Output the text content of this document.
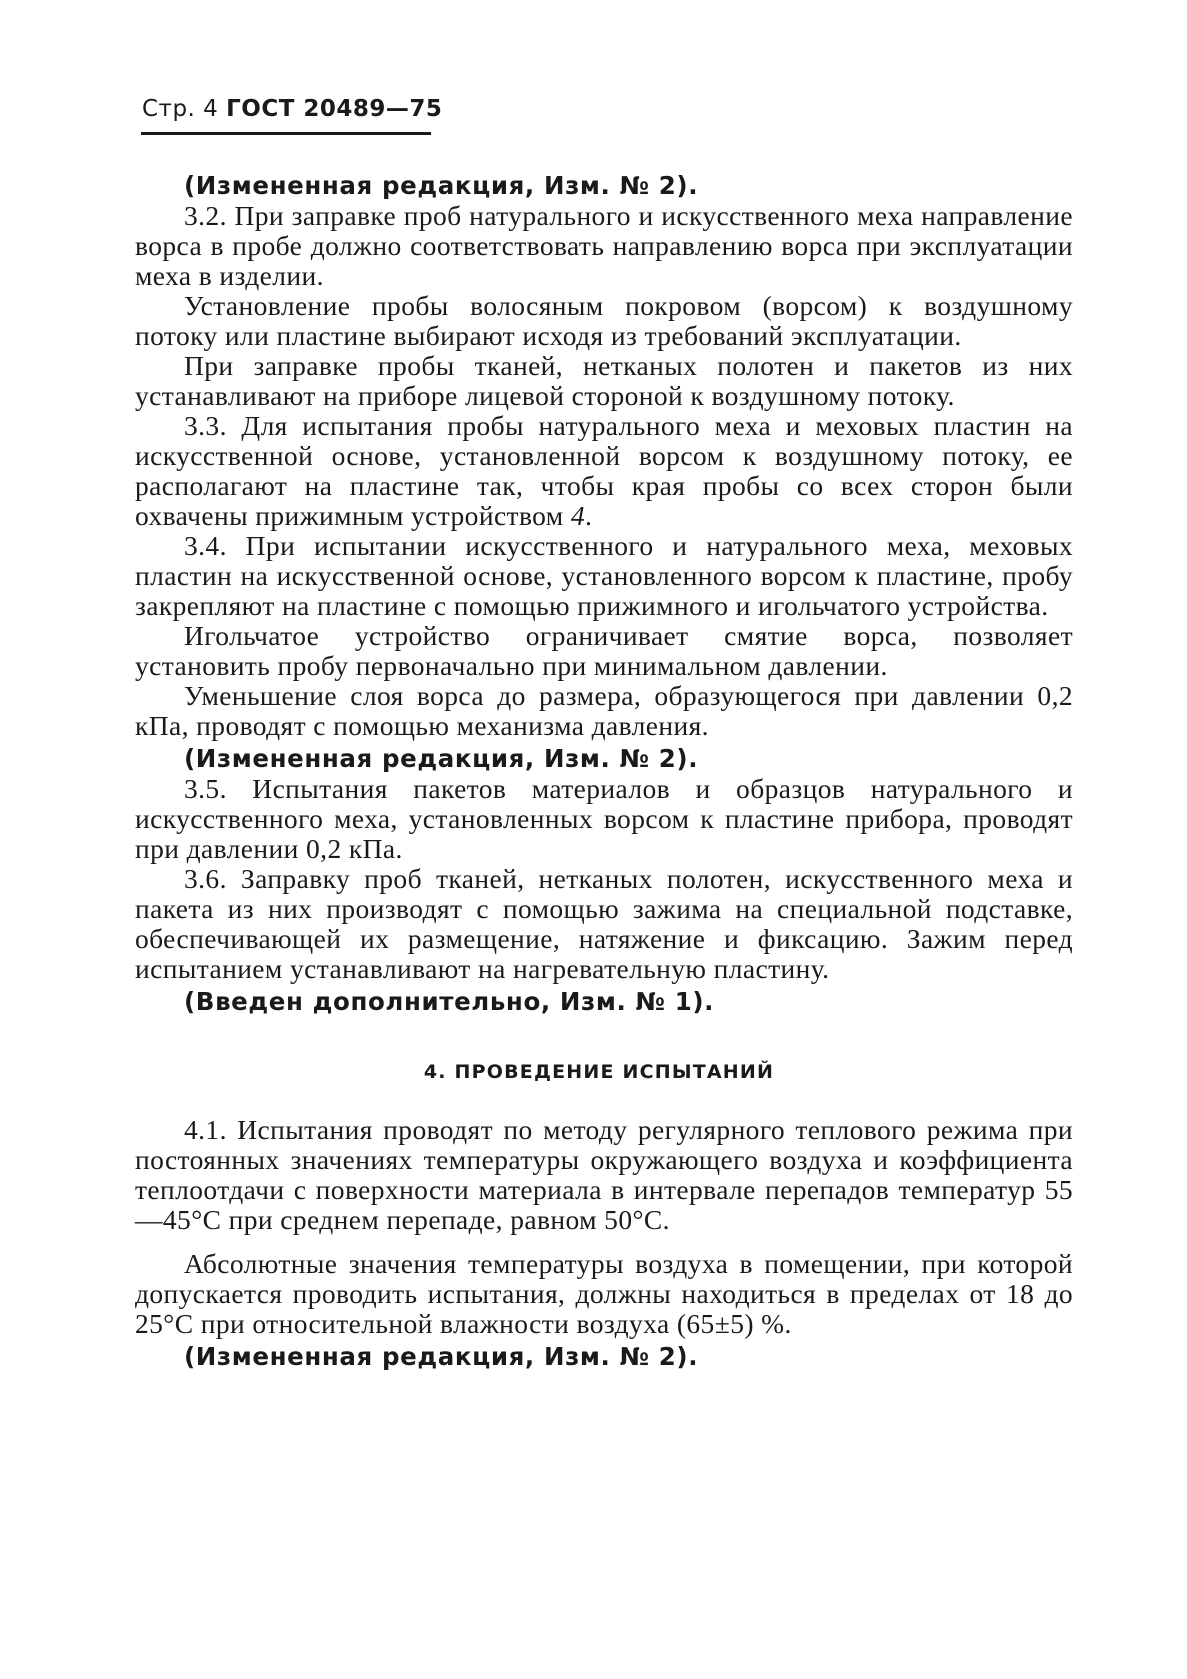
Стр. 4 ГОСТ 20489—75

(Измененная редакция, Изм. № 2).

3.2. При заправке проб натурального и искусственного меха направление ворса в пробе должно соответствовать направлению ворса при эксплуатации меха в изделии.

Установление пробы волосяным покровом (ворсом) к воздушному потоку или пластине выбирают исходя из требований эксплуатации.

При заправке пробы тканей, нетканых полотен и пакетов из них устанавливают на приборе лицевой стороной к воздушному потоку.

3.3. Для испытания пробы натурального меха и меховых пластин на искусственной основе, установленной ворсом к воздушному потоку, ее располагают на пластине так, чтобы края пробы со всех сторон были охвачены прижимным устройством 4.

3.4. При испытании искусственного и натурального меха, меховых пластин на искусственной основе, установленного ворсом к пластине, пробу закрепляют на пластине с помощью прижимного и игольчатого устройства.

Игольчатое устройство ограничивает смятие ворса, позволяет установить пробу первоначально при минимальном давлении.

Уменьшение слоя ворса до размера, образующегося при давлении 0,2 кПа, проводят с помощью механизма давления.

(Измененная редакция, Изм. № 2).

3.5. Испытания пакетов материалов и образцов натурального и искусственного меха, установленных ворсом к пластине прибора, проводят при давлении 0,2 кПа.

3.6. Заправку проб тканей, нетканых полотен, искусственного меха и пакета из них производят с помощью зажима на специальной подставке, обеспечивающей их размещение, натяжение и фиксацию. Зажим перед испытанием устанавливают на нагревательную пластину.

(Введен дополнительно, Изм. № 1).

4. ПРОВЕДЕНИЕ ИСПЫТАНИЙ

4.1. Испытания проводят по методу регулярного теплового режима при постоянных значениях температуры окружающего воздуха и коэффициента теплоотдачи с поверхности материала в интервале перепадов температур 55—45°С при среднем перепаде, равном 50°С.

Абсолютные значения температуры воздуха в помещении, при которой допускается проводить испытания, должны находиться в пределах от 18 до 25°С при относительной влажности воздуха (65±5) %.

(Измененная редакция, Изм. № 2).
